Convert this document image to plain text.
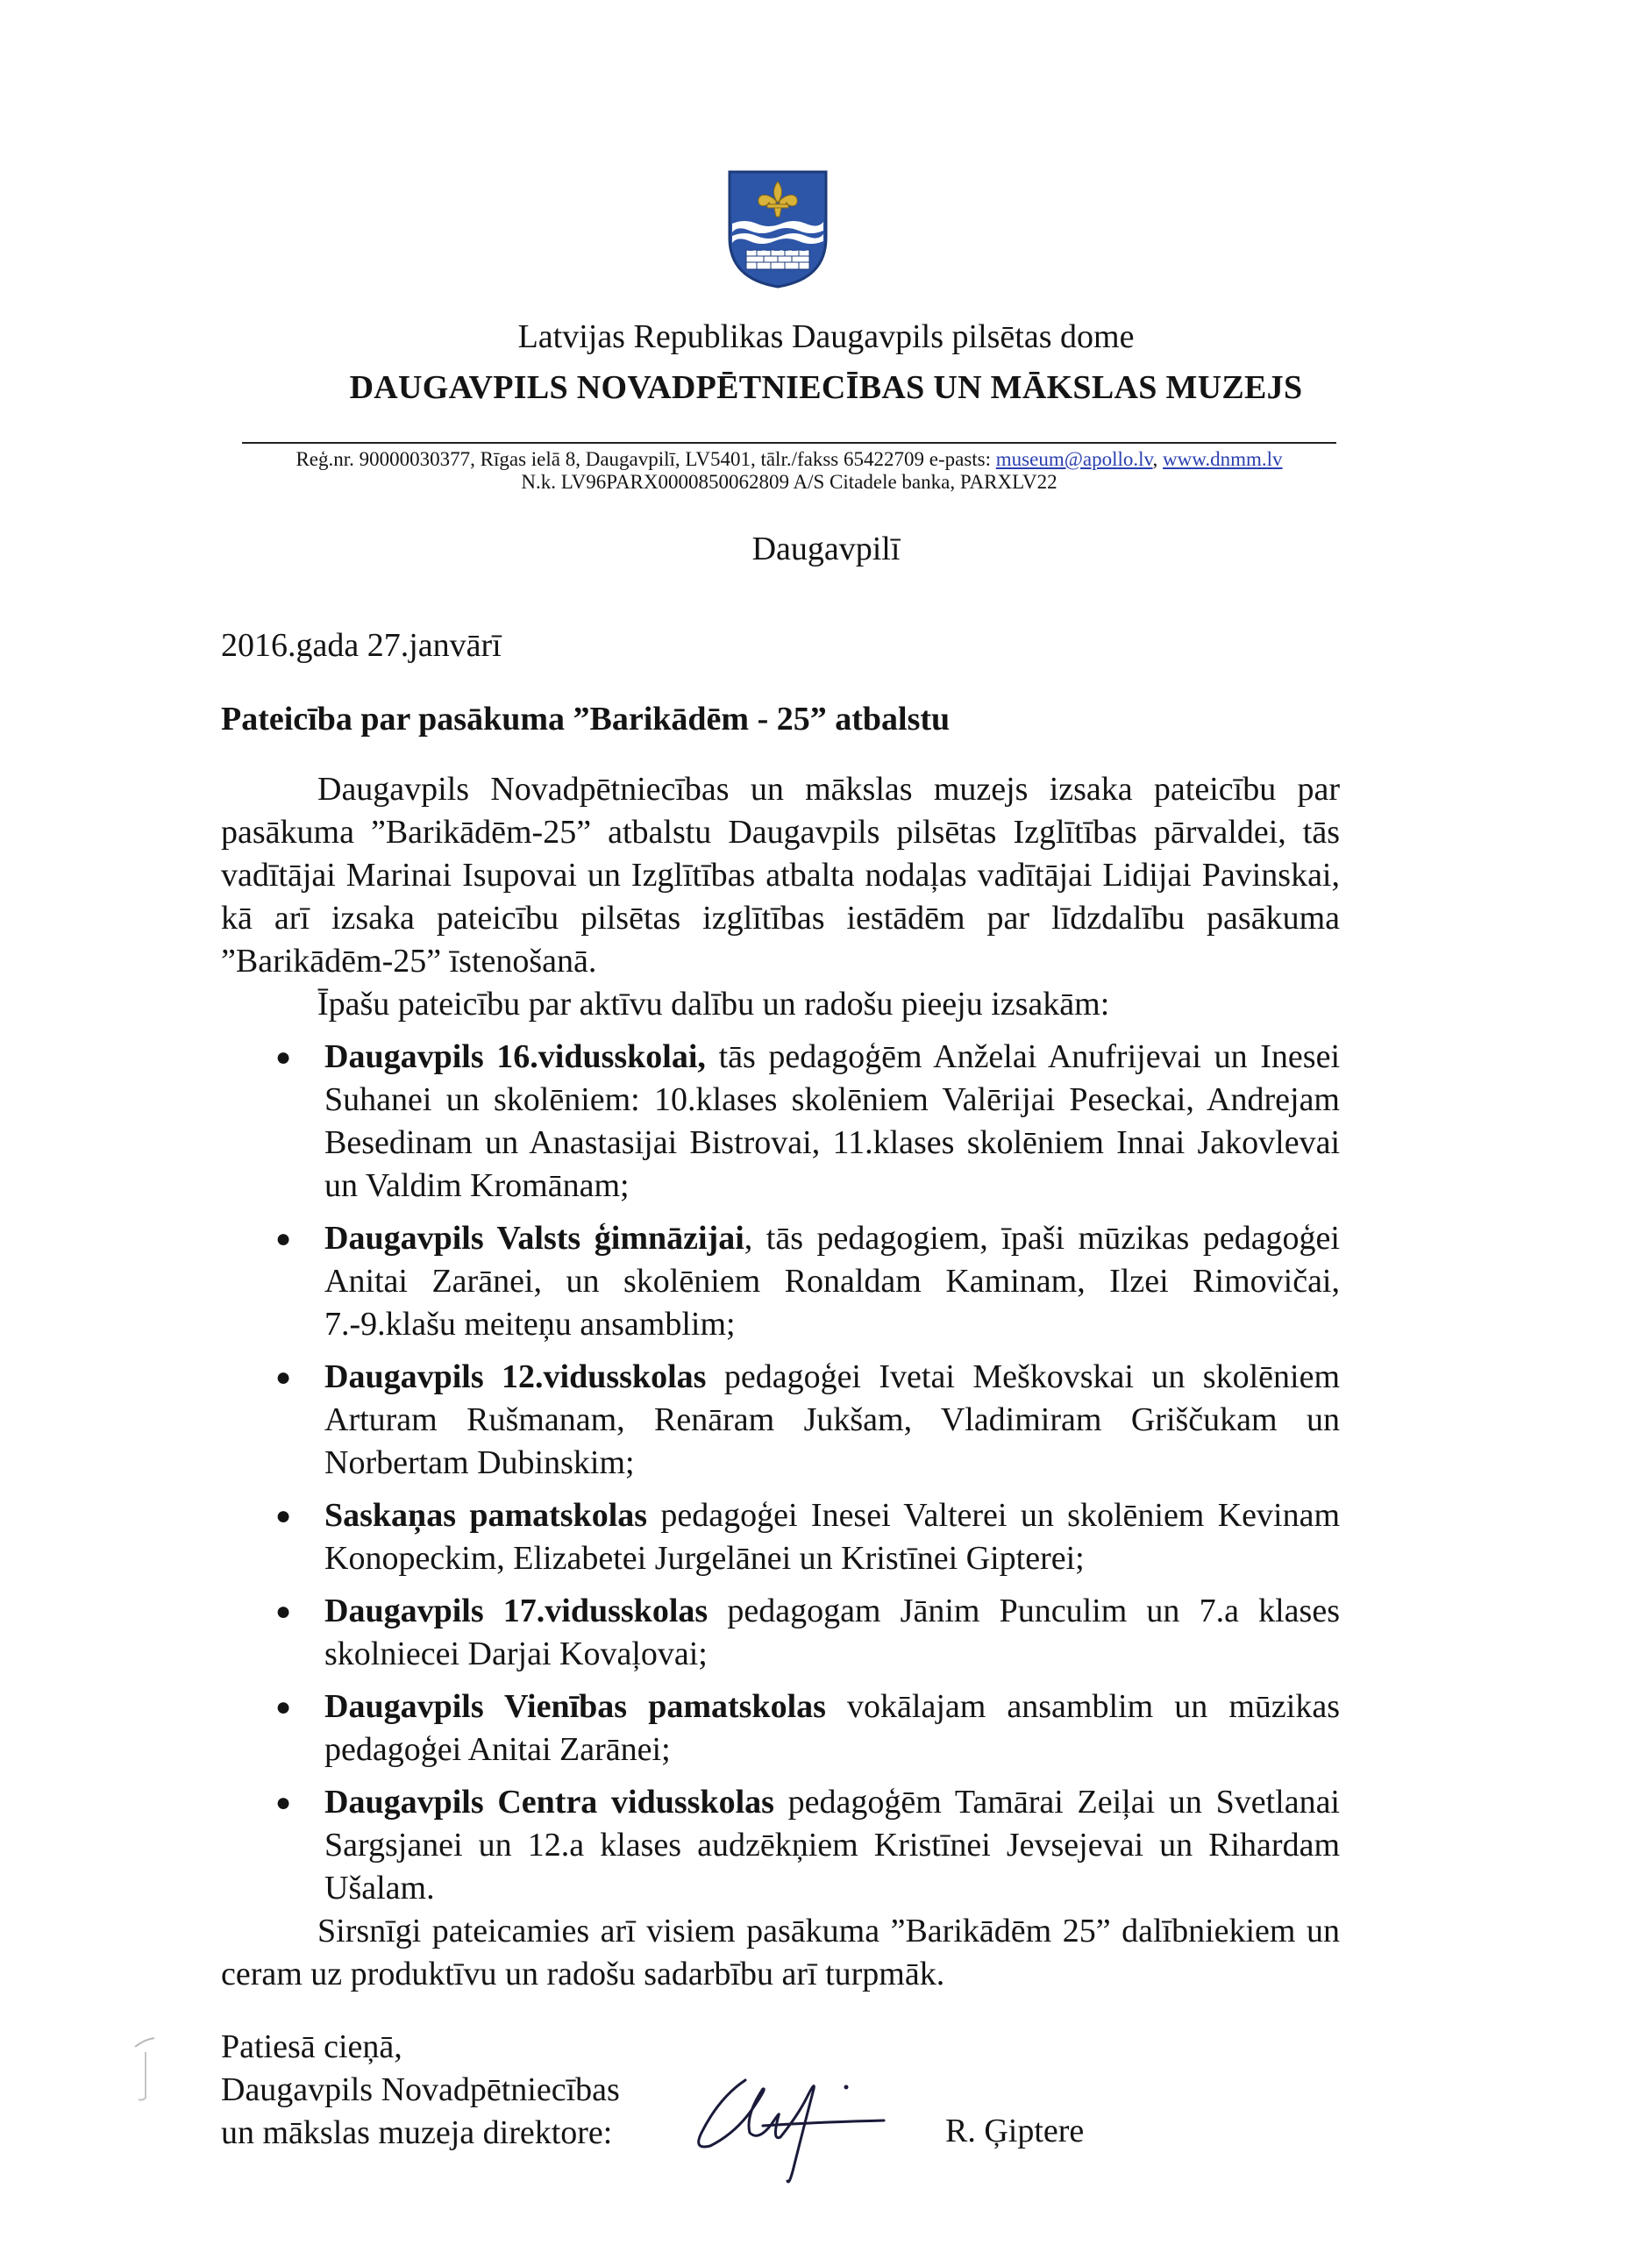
Latvijas Republikas Daugavpils pilsētas dome
DAUGAVPILS NOVADPĒTNIECĪBAS UN MĀKSLAS MUZEJS
Reģ.nr. 90000030377, Rīgas ielā 8, Daugavpilī, LV5401, tālr./fakss 65422709 e-pasts: museum@apollo.lv, www.dnmm.lv
N.k. LV96PARX0000850062809 A/S Citadele banka, PARXLV22
Daugavpilī
2016.gada 27.janvārī
Pateicība par pasākuma ”Barikādēm - 25” atbalstu

Daugavpils Novadpētniecības un mākslas muzejs izsaka pateicību par pasākuma ”Barikādēm-25” atbalstu Daugavpils pilsētas Izglītības pārvaldei, tās vadītājai Marinai Isupovai un Izglītības atbalta nodaļas vadītājai Lidijai Pavinskai, kā arī izsaka pateicību pilsētas izglītības iestādēm par līdzdalību pasākuma ”Barikādēm-25” īstenošanā.

Īpašu pateicību par aktīvu dalību un radošu pieeju izsakām:

● Daugavpils 16.vidusskolai, tās pedagoģēm Anželai Anufrijevai un Inesei Suhanei un skolēniem: 10.klases skolēniem Valērijai Peseckai, Andrejam Besedinam un Anastasijai Bistrovai, 11.klases skolēniem Innai Jakovlevai un Valdim Kromānam;
● Daugavpils Valsts ģimnāzijai, tās pedagogiem, īpaši mūzikas pedagoģei Anitai Zarānei, un skolēniem Ronaldam Kaminam, Ilzei Rimovičai, 7.-9.klašu meiteņu ansamblim;
● Daugavpils 12.vidusskolas pedagoģei Ivetai Meškovskai un skolēniem Arturam Rušmanam, Renāram Jukšam, Vladimiram Griščukam un Norbertam Dubinskim;
● Saskaņas pamatskolas pedagoģei Inesei Valterei un skolēniem Kevinam Konopeckim, Elizabetei Jurgelānei un Kristīnei Gipterei;
● Daugavpils 17.vidusskolas pedagogam Jānim Punculim un 7.a klases skolniecei Darjai Kovaļovai;
● Daugavpils Vienības pamatskolas vokālajam ansamblim un mūzikas pedagoģei Anitai Zarānei;
● Daugavpils Centra vidusskolas pedagoģēm Tamārai Zeiļai un Svetlanai Sargsjanei un 12.a klases audzēkņiem Kristīnei Jevsejevai un Rihardam Ušalam.

Sirsnīgi pateicamies arī visiem pasākuma ”Barikādēm 25” dalībniekiem un ceram uz produktīvu un radošu sadarbību arī turpmāk.

Patiesā cieņā,
Daugavpils Novadpētniecības
un mākslas muzeja direktore:	R. Ģiptere
